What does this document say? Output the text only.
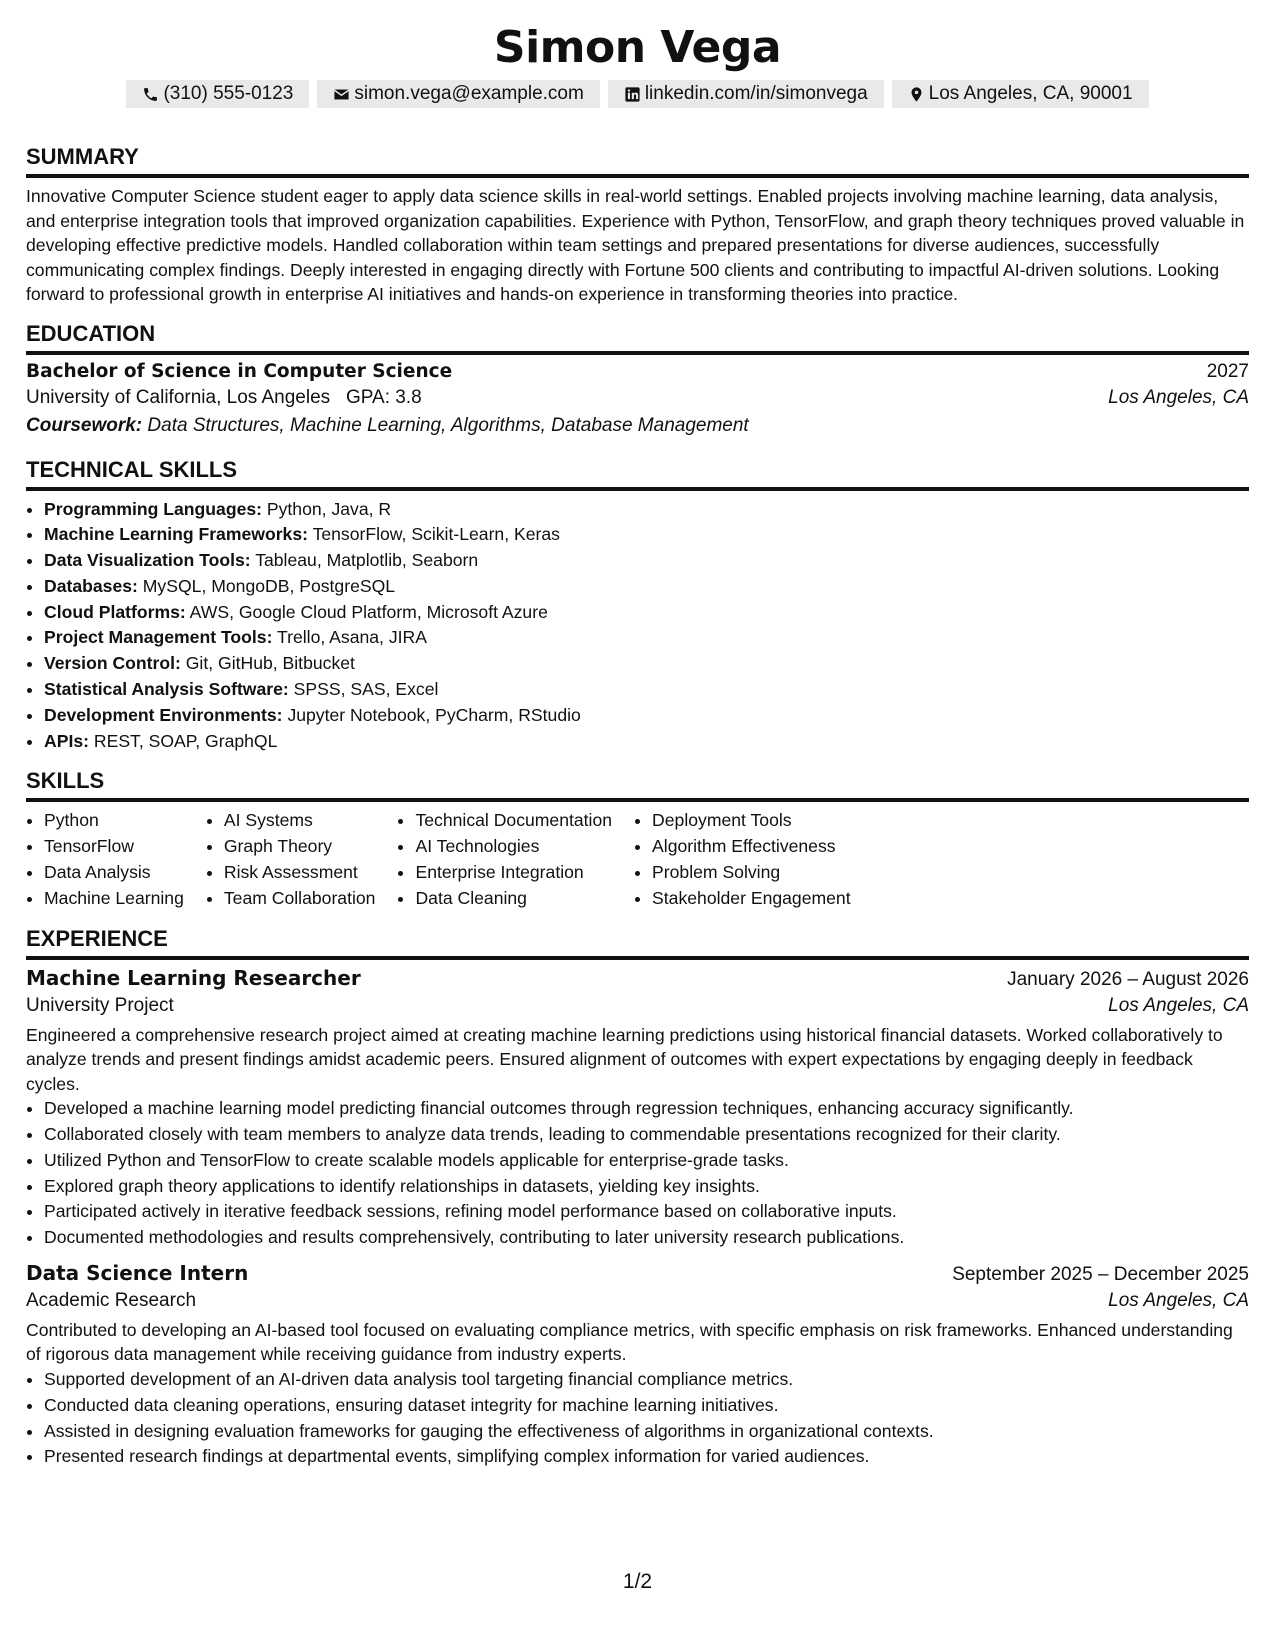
Simon Vega
(310) 555-0123	simon.vega@example.com	linkedin.com/in/simonvega	Los Angeles, CA, 90001
SUMMARY

Innovative Computer Science student eager to apply data science skills in real-world settings. Enabled projects involving machine learning, data analysis, and enterprise integration tools that improved organization capabilities. Experience with Python, TensorFlow, and graph theory techniques proved valuable in developing effective predictive models. Handled collaboration within team settings and prepared presentations for diverse audiences, successfully communicating complex findings. Deeply interested in engaging directly with Fortune 500 clients and contributing to impactful AI-driven solutions. Looking forward to professional growth in enterprise AI initiatives and hands-on experience in transforming theories into practice.

EDUCATION
Bachelor of Science in Computer Science	2027
University of California, Los Angeles GPA: 3.8	Los Angeles, CA
Coursework: Data Structures, Machine Learning, Algorithms, Database Management
TECHNICAL SKILLS
• Programming Languages: Python, Java, R
• Machine Learning Frameworks: TensorFlow, Scikit-Learn, Keras
• Data Visualization Tools: Tableau, Matplotlib, Seaborn
• Databases: MySQL, MongoDB, PostgreSQL
• Cloud Platforms: AWS, Google Cloud Platform, Microsoft Azure
• Project Management Tools: Trello, Asana, JIRA
• Version Control: Git, GitHub, Bitbucket
• Statistical Analysis Software: SPSS, SAS, Excel
• Development Environments: Jupyter Notebook, PyCharm, RStudio
• APIs: REST, SOAP, GraphQL
SKILLS
• Python
• TensorFlow
• Data Analysis
• Machine Learning
• AI Systems
• Graph Theory
• Risk Assessment
• Team Collaboration
• Technical Documentation
• AI Technologies
• Enterprise Integration
• Data Cleaning
• Deployment Tools
• Algorithm Effectiveness
• Problem Solving
• Stakeholder Engagement
EXPERIENCE
Machine Learning Researcher	January 2026 – August 2026
University Project	Los Angeles, CA

Engineered a comprehensive research project aimed at creating machine learning predictions using historical financial datasets. Worked collaboratively to analyze trends and present findings amidst academic peers. Ensured alignment of outcomes with expert expectations by engaging deeply in feedback cycles.

• Developed a machine learning model predicting financial outcomes through regression techniques, enhancing accuracy significantly.
• Collaborated closely with team members to analyze data trends, leading to commendable presentations recognized for their clarity.
• Utilized Python and TensorFlow to create scalable models applicable for enterprise-grade tasks.
• Explored graph theory applications to identify relationships in datasets, yielding key insights.
• Participated actively in iterative feedback sessions, refining model performance based on collaborative inputs.
• Documented methodologies and results comprehensively, contributing to later university research publications.
Data Science Intern	September 2025 – December 2025
Academic Research	Los Angeles, CA

Contributed to developing an AI-based tool focused on evaluating compliance metrics, with specific emphasis on risk frameworks. Enhanced understanding of rigorous data management while receiving guidance from industry experts.

• Supported development of an AI-driven data analysis tool targeting financial compliance metrics.
• Conducted data cleaning operations, ensuring dataset integrity for machine learning initiatives.
• Assisted in designing evaluation frameworks for gauging the effectiveness of algorithms in organizational contexts.
• Presented research findings at departmental events, simplifying complex information for varied audiences.
1/2
